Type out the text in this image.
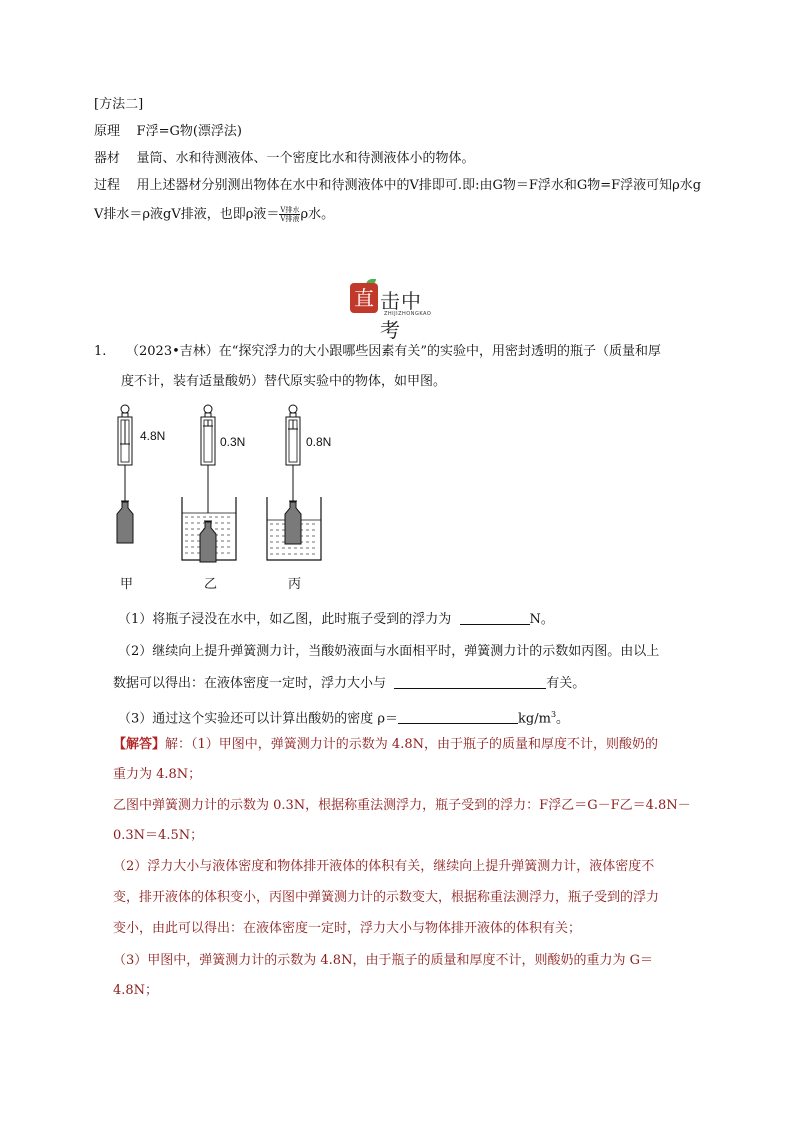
[方法二]
原理 F浮=G物(漂浮法)
器材 量筒、水和待测液体、一个密度比水和待测液体小的物体。
过程 用上述器材分别测出物体在水中和待测液体中的V排即可.即:由G物＝F浮水和G物=F浮液可知ρ水g
V排水＝ρ液gV排液，也即ρ液＝ $\frac{\text{V排水}}{\text{V排液}}$ ρ水。
直 击中考
ZHIJIZHONGKAO
1. （2023•吉林）在“探究浮力的大小跟哪些因素有关”的实验中，用密封透明的瓶子（质量和厚
度不计，装有适量酸奶）替代原实验中的物体，如甲图。
4.8N
甲
0.3N
乙
0.8N
丙
（1）将瓶子浸没在水中，如乙图，此时瓶子受到的浮力为	N。
（2）继续向上提升弹簧测力计，当酸奶液面与水面相平时，弹簧测力计的示数如丙图。由以上
数据可以得出：在液体密度一定时，浮力大小与	有关。
（3）通过这个实验还可以计算出酸奶的密度 ρ＝	$kg/m^3$。
【解答】解：（1）甲图中，弹簧测力计的示数为 4.8N，由于瓶子的质量和厚度不计，则酸奶的
重力为 4.8N；
乙图中弹簧测力计的示数为 0.3N，根据称重法测浮力，瓶子受到的浮力：F浮乙＝G－F乙＝4.8N－
0.3N＝4.5N；
（2）浮力大小与液体密度和物体排开液体的体积有关，继续向上提升弹簧测力计，液体密度不
变，排开液体的体积变小，丙图中弹簧测力计的示数变大，根据称重法测浮力，瓶子受到的浮力
变小，由此可以得出：在液体密度一定时，浮力大小与物体排开液体的体积有关；
（3）甲图中，弹簧测力计的示数为 4.8N，由于瓶子的质量和厚度不计，则酸奶的重力为 G＝
4.8N；
